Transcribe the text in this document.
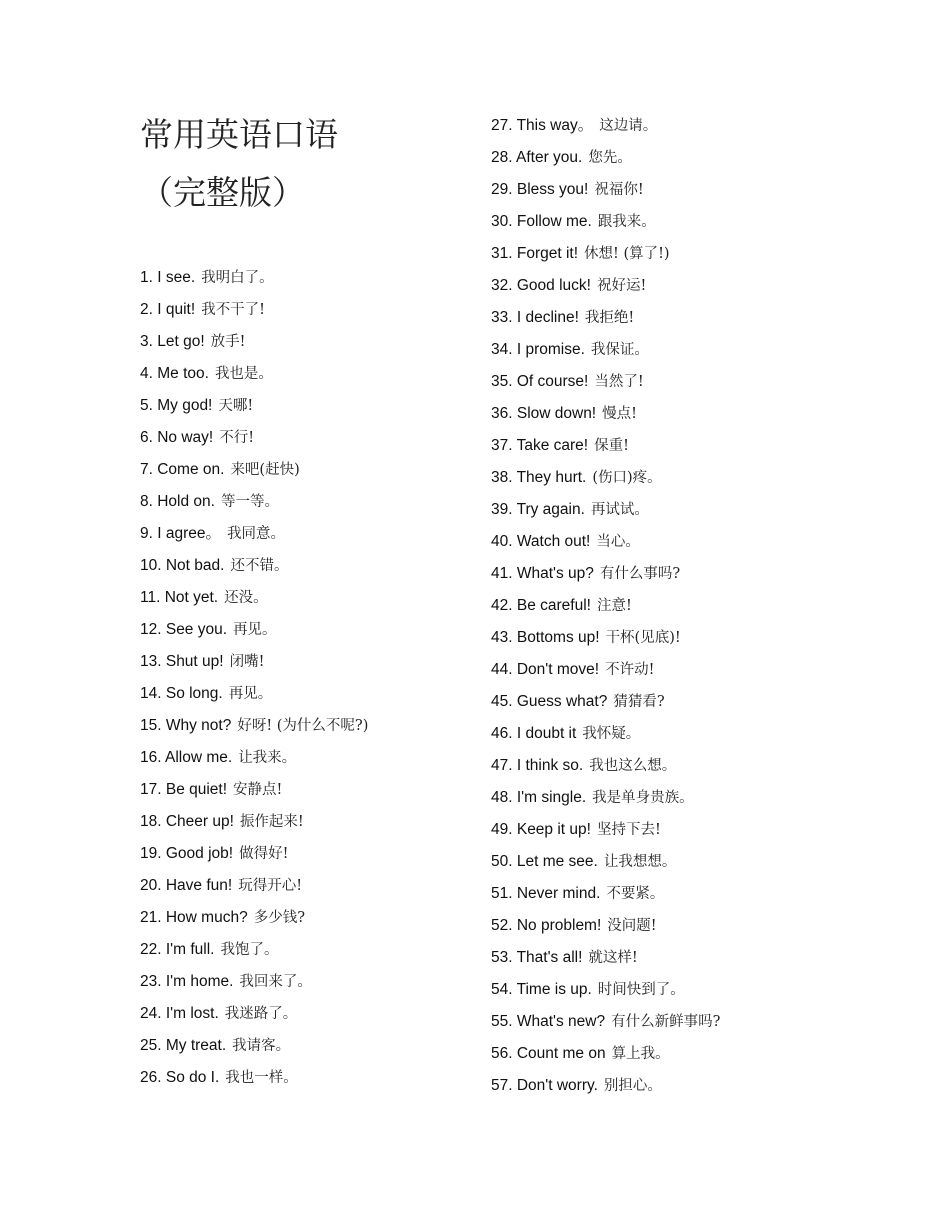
常用英语口语
（完整版）
1. I see. 我明白了。
2. I quit! 我不干了!
3. Let go! 放手!
4. Me too. 我也是。
5. My god! 天哪!
6. No way! 不行!
7. Come on. 来吧(赶快)
8. Hold on. 等一等。
9. I agree。 我同意。
10. Not bad. 还不错。
11. Not yet. 还没。
12. See you. 再见。
13. Shut up! 闭嘴!
14. So long. 再见。
15. Why not? 好呀! (为什么不呢?)
16. Allow me. 让我来。
17. Be quiet! 安静点!
18. Cheer up! 振作起来!
19. Good job! 做得好!
20. Have fun! 玩得开心!
21. How much? 多少钱?
22. I'm full. 我饱了。
23. I'm home. 我回来了。
24. I'm lost. 我迷路了。
25. My treat. 我请客。
26. So do I. 我也一样。
27. This way。 这边请。
28. After you. 您先。
29. Bless you! 祝福你!
30. Follow me. 跟我来。
31. Forget it! 休想! (算了!)
32. Good luck! 祝好运!
33. I decline! 我拒绝!
34. I promise. 我保证。
35. Of course! 当然了!
36. Slow down! 慢点!
37. Take care! 保重!
38. They hurt. (伤口)疼。
39. Try again. 再试试。
40. Watch out! 当心。
41. What's up? 有什么事吗?
42. Be careful! 注意!
43. Bottoms up! 干杯(见底)!
44. Don't move! 不许动!
45. Guess what? 猜猜看?
46. I doubt it 我怀疑。
47. I think so. 我也这么想。
48. I'm single. 我是单身贵族。
49. Keep it up! 坚持下去!
50. Let me see. 让我想想。
51. Never mind. 不要紧。
52. No problem! 没问题!
53. That's all! 就这样!
54. Time is up. 时间快到了。
55. What's new? 有什么新鲜事吗?
56. Count me on 算上我。
57. Don't worry. 别担心。
